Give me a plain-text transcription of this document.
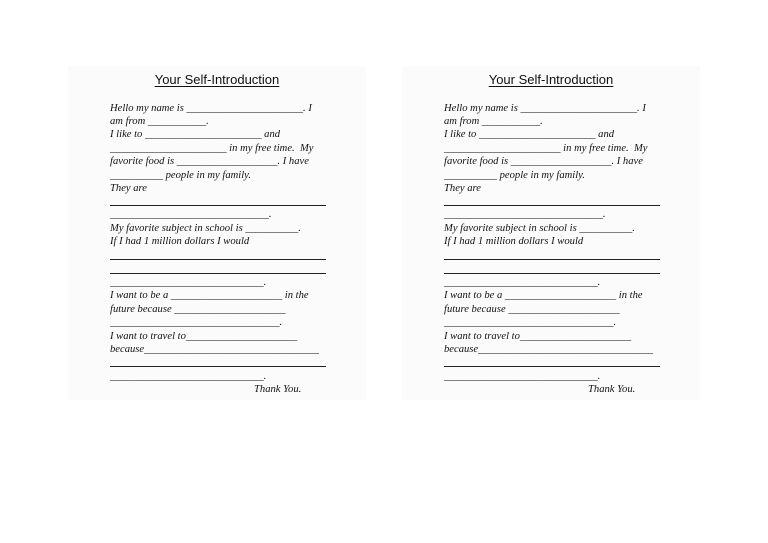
Your Self-Introduction
Hello my name is ______________________. I
am from ___________.
I like to ______________________ and
______________________ in my free time.  My
favorite food is ___________________. I have
__________ people in my family.
They are
______________________________.
My favorite subject in school is __________.
If I had 1 million dollars I would
_____________________________.
I want to be a _____________________ in the
future because _____________________
________________________________.
I want to travel to_____________________
because_________________________________
_____________________________.
Thank You.
Your Self-Introduction
Hello my name is ______________________. I
am from ___________.
I like to ______________________ and
______________________ in my free time.  My
favorite food is ___________________. I have
__________ people in my family.
They are
______________________________.
My favorite subject in school is __________.
If I had 1 million dollars I would
_____________________________.
I want to be a _____________________ in the
future because _____________________
________________________________.
I want to travel to_____________________
because_________________________________
_____________________________.
Thank You.
